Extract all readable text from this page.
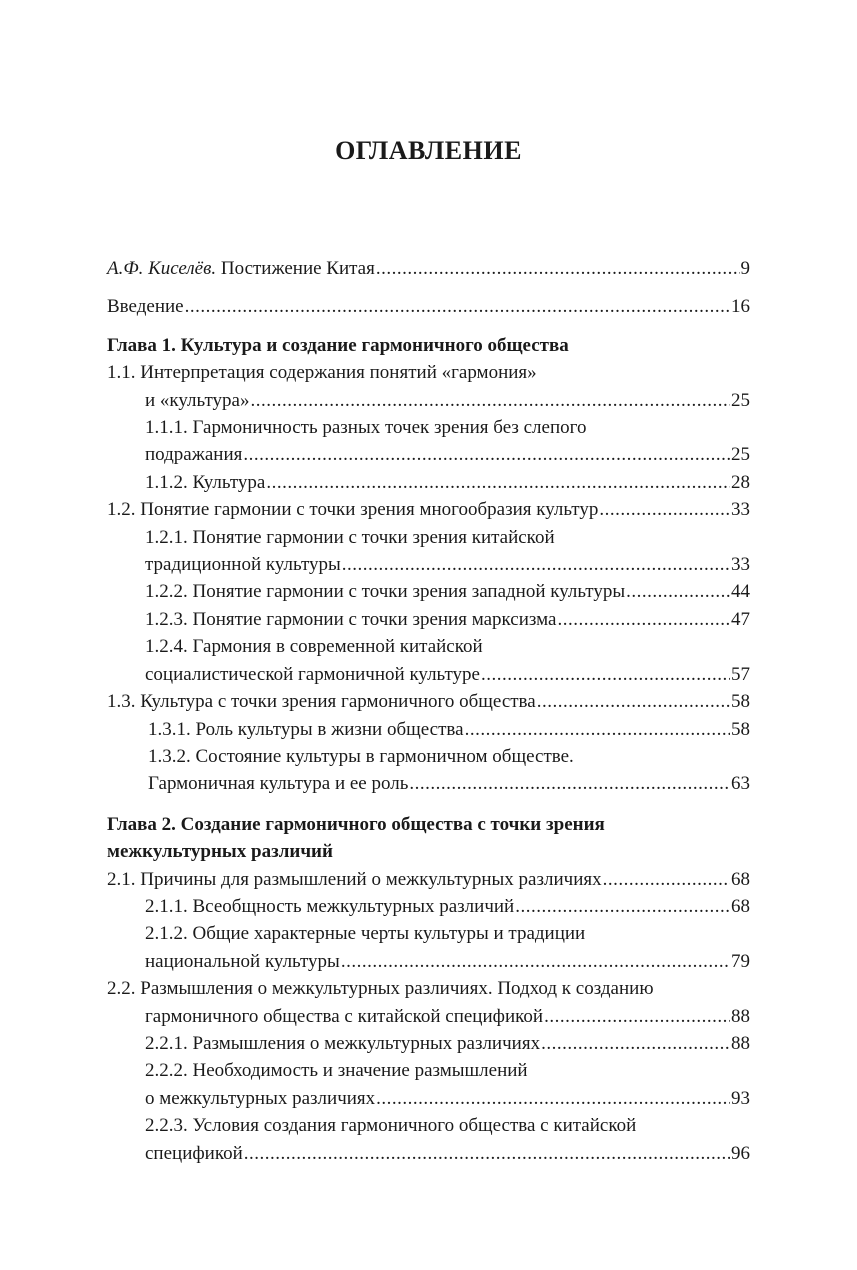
ОГЛАВЛЕНИЕ
А.Ф. Киселёв.
Постижение Китая .....	9
Введение .....	16
Глава 1. Культура и создание гармоничного общества
1.1. Интерпретация содержания понятий «гармония»
и «культура» .....	25
1.1.1. Гармоничность разных точек зрения без слепого
подражания .....	25
1.1.2. Культура .....	28
1.2. Понятие гармонии с точки зрения многообразия культур .....	33
1.2.1. Понятие гармонии с точки зрения китайской
традиционной культуры .....	33
1.2.2. Понятие гармонии с точки зрения западной культуры .....	44
1.2.3. Понятие гармонии с точки зрения марксизма .....	47
1.2.4. Гармония в современной китайской
социалистической гармоничной культуре .....	57
1.3. Культура с точки зрения гармоничного общества .....	58
1.3.1. Роль культуры в жизни общества .....	58
1.3.2. Состояние культуры в гармоничном обществе.
Гармоничная культура и ее роль .....	63
Глава 2. Создание гармоничного общества с точки зрения
межкультурных различий
2.1. Причины для размышлений о межкультурных различиях .....	68
2.1.1. Всеобщность межкультурных различий .....	68
2.1.2. Общие характерные черты культуры и традиции
национальной культуры .....	79
2.2. Размышления о межкультурных различиях. Подход к созданию
гармоничного общества с китайской спецификой .....	88
2.2.1. Размышления о межкультурных различиях .....	88
2.2.2. Необходимость и значение размышлений
о межкультурных различиях .....	93
2.2.3. Условия создания гармоничного общества с китайской
спецификой .....	96
